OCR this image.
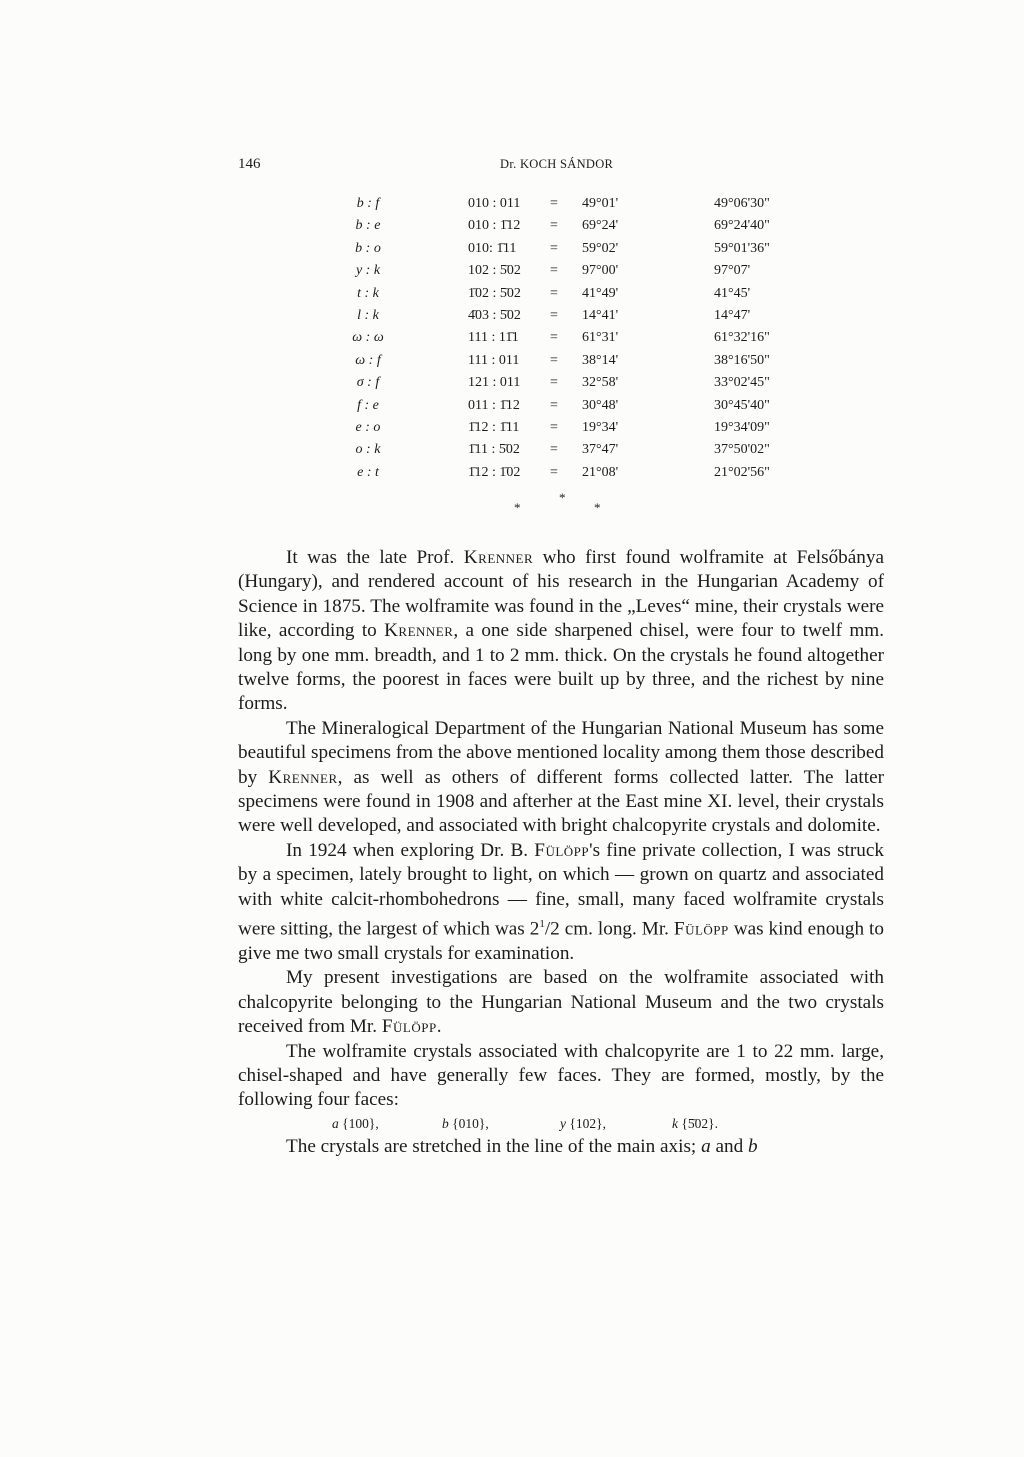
146	Dr. KOCH SÁNDOR
b : f	010 : 011 = 49°01'	49°06'30"
b : e	010 : 1̄12 = 69°24'	69°24'40"
b : o	010: 1̄11 = 59°02'	59°01'36"
y : k	102 : 5̄02 = 97°00'	97°07'
t : k	1̄02 : 5̄02 = 41°49'	41°45'
l : k	4̄03 : 5̄02 = 14°41'	14°47'
ω : ω	111 : 11̄1 = 61°31'	61°32'16"
ω : f	111 : 011 = 38°14'	38°16'50"
σ : f	121 : 011 = 32°58'	33°02'45"
f : e	011 : 1̄12 = 30°48'	30°45'40"
e : o	1̄12 : 1̄11 = 19°34'	19°34'09"
o : k	1̄11 : 5̄02 = 37°47'	37°50'02"
e : t	1̄12 : 1̄02 = 21°08'	21°02'56"
*
*
*

It was the late Prof. Krenner who first found wolframite at Felsőbánya (Hungary), and rendered account of his research in the Hungarian Academy of Science in 1875. The wolframite was found in the „Leves“ mine, their crystals were like, according to Krenner, a one side sharpened chisel, were four to twelf mm. long by one mm. breadth, and 1 to 2 mm. thick. On the crystals he found altogether twelve forms, the poorest in faces were built up by three, and the richest by nine forms.

The Mineralogical Department of the Hungarian National Museum has some beautiful specimens from the above mentioned locality among them those described by Krenner, as well as others of different forms collected latter. The latter specimens were found in 1908 and afterher at the East mine XI. level, their crystals were well developed, and associated with bright chalcopyrite crystals and dolomite.

In 1924 when exploring Dr. B. Fülöpp's fine private collection, I was struck by a specimen, lately brought to light, on which — grown on quartz and associated with white calcit-rhombohedrons — fine, small, many faced wolframite crystals were sitting, the largest of which was $2^1/2$ cm. long. Mr. Fülöpp was kind enough to give me two small crystals for examination.

My present investigations are based on the wolframite associated with chalcopyrite belonging to the Hungarian National Museum and the two crystals received from Mr. Fülöpp.

The wolframite crystals associated with chalcopyrite are 1 to 22 mm. large, chisel-shaped and have generally few faces. They are formed, mostly, by the following four faces:

a {100},	b {010},	y {102},	k {5̄02}.

The crystals are stretched in the line of the main axis; a and b
